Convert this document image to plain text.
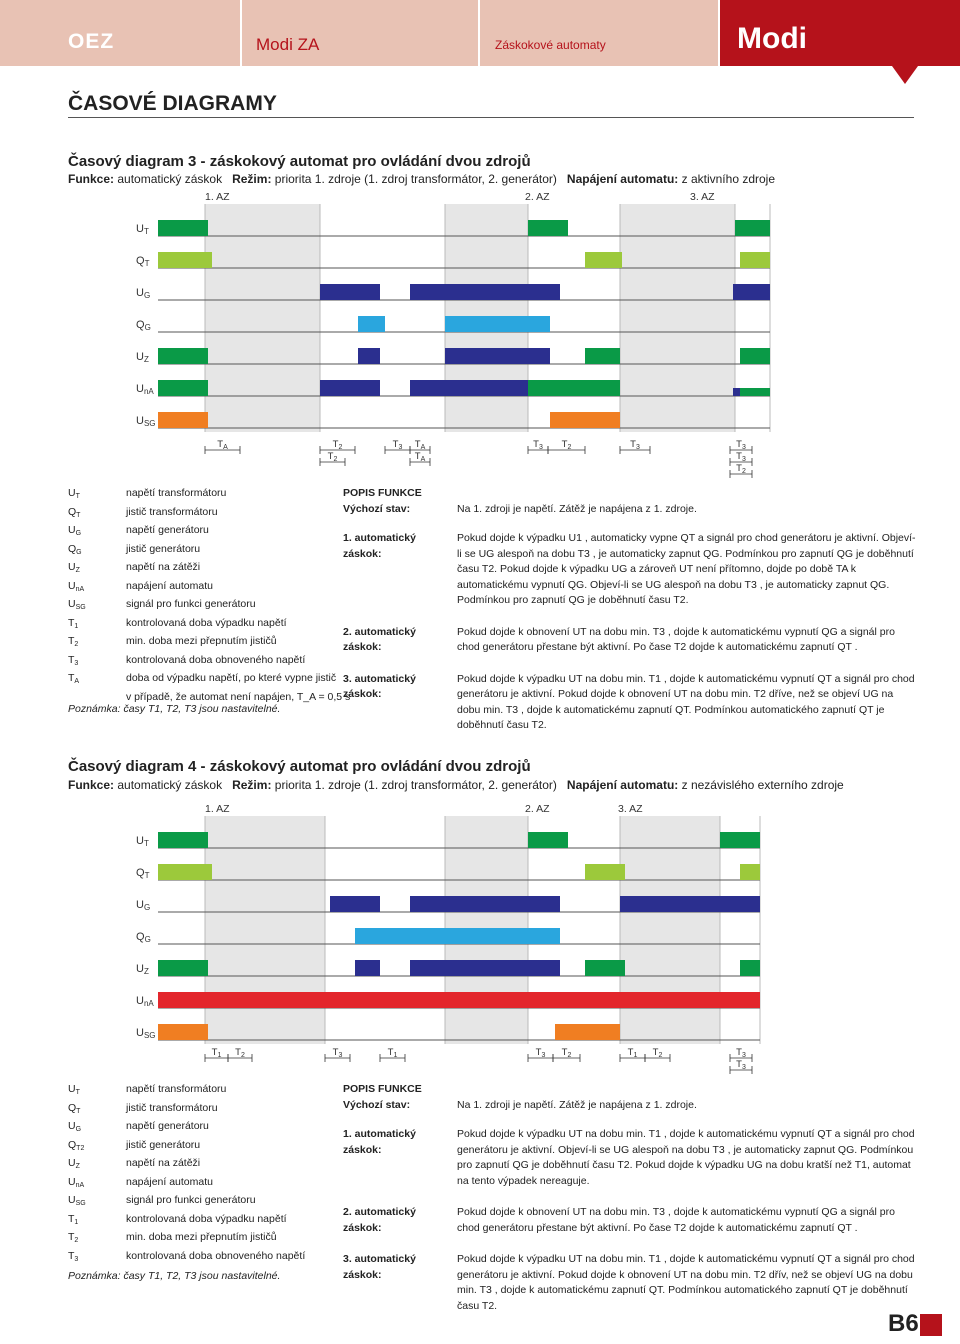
OEZ	Modi ZA	Záskokové automaty	Modi
ČASOVÉ DIAGRAMY
Časový diagram 3 - záskokový automat pro ovládání dvou zdrojů
Funkce: automatický záskok Režim: priorita 1. zdroje (1. zdroj transformátor, 2. generátor) Napájení automatu: z aktivního zdroje
1. AZ	2. AZ	3. AZ
UT
QT
UG
QG
UZ
UnA
USG
$T_A$	$T_2$	$T_3$ $T_A$	$T_3$ $T_2$	$T_3$
$T_2$	$T_A$
$T_3$
$T_3$
$T_2$
$U_T$	napětí transformátoru
$Q_T$	jistič transformátoru
$U_G$	napětí generátoru
$Q_G$	jistič generátoru
$U_Z$	napětí na zátěži
$U_{nA}$	napájení automatu
$U_{SG}$	signál pro funkci generátoru
$T_1$	kontrolovaná doba výpadku napětí
$T_2$	min. doba mezi přepnutím jističů
$T_3$	kontrolovaná doba obnoveného napětí
$T_A$	doba od výpadku napětí, po které vypne jistič
v případě, že automat není napájen, T_A = 0,5 s
Poznámka: časy T1, T2, T3 jsou nastavitelné.
POPIS FUNKCE
Výchozí stav:	Na 1. zdroji je napětí. Zátěž je napájena z 1. zdroje.
1. automatický záskok:
Pokud dojde k výpadku U1 , automaticky vypne QT a signál pro chod generátoru je aktivní. Objeví-li se UG alespoň na dobu T3 , je automaticky zapnut QG. Podmínkou pro zapnutí QG je doběhnutí času T2. Pokud dojde k výpadku UG a zároveň UT není přítomno, dojde po době TA k automatickému vypnutí QG. Objeví-li se UG alespoň na dobu T3 , je automaticky zapnut QG. Podmínkou pro zapnutí QG je doběhnutí času T2.
2. automatický záskok:
Pokud dojde k obnovení UT na dobu min. T3 , dojde k automatickému vypnutí QG a signál pro chod generátoru přestane být aktivní. Po čase T2 dojde k automatickému zapnutí QT .
3. automatický záskok:
Pokud dojde k výpadku UT na dobu min. T1 , dojde k automatickému vypnutí QT a signál pro chod generátoru je aktivní. Pokud dojde k obnovení UT na dobu min. T2 dříve, než se objeví UG na dobu min. T3 , dojde k automatickému zapnutí QT. Podmínkou automatického zapnutí QT je doběhnutí času T2.
Časový diagram 4 - záskokový automat pro ovládání dvou zdrojů
Funkce: automatický záskok Režim: priorita 1. zdroje (1. zdroj transformátor, 2. generátor) Napájení automatu: z nezávislého externího zdroje
1. AZ	2. AZ	3. AZ
UT
QT
UG
QG
UZ
UnA
USG
$T_1$ $T_2$	$T_3$	$T_1$	$T_3$ $T_2$	$T_1$ $T_2$	$T_3$
$T_3$
$U_T$	napětí transformátoru
$Q_T$	jistič transformátoru
$U_G$	napětí generátoru
$Q_{T2}$	jistič generátoru
$U_Z$	napětí na zátěži
$U_{nA}$	napájení automatu
$U_{SG}$	signál pro funkci generátoru
$T_1$	kontrolovaná doba výpadku napětí
$T_2$	min. doba mezi přepnutím jističů
$T_3$	kontrolovaná doba obnoveného napětí
Poznámka: časy T1, T2, T3 jsou nastavitelné.
POPIS FUNKCE
Výchozí stav:	Na 1. zdroji je napětí. Zátěž je napájena z 1. zdroje.
1. automatický záskok:
Pokud dojde k výpadku UT na dobu min. T1 , dojde k automatickému vypnutí QT a signál pro chod generátoru je aktivní. Objeví-li se UG alespoň na dobu T3 , je automaticky zapnut QG. Podmínkou pro zapnutí QG je doběhnutí času T2. Pokud dojde k výpadku UG na dobu kratší než T1, automat na tento výpadek nereaguje.
2. automatický záskok:
Pokud dojde k obnovení UT na dobu min. T3 , dojde k automatickému vypnutí QG a signál pro chod generátoru přestane být aktivní. Po čase T2 dojde k automatickému zapnutí QT .
3. automatický záskok:
Pokud dojde k výpadku UT na dobu min. T1 , dojde k automatickému vypnutí QT a signál pro chod generátoru je aktivní. Pokud dojde k obnovení UT na dobu min. T2 dřív, než se objeví UG na dobu min. T3 , dojde k automatickému zapnutí QT. Podmínkou automatického zapnutí QT je doběhnutí času T2.
B6
